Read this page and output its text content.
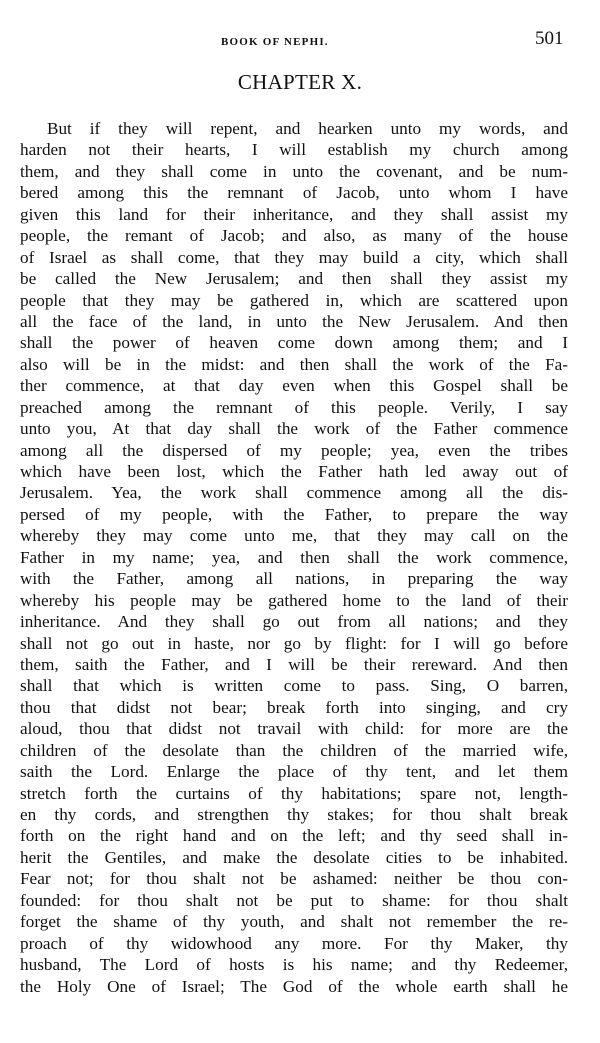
BOOK OF NEPHI.	501
CHAPTER X.
But if they will repent, and hearken unto my words, and
harden not their hearts, I will establish my church among
them, and they shall come in unto the covenant, and be num-
bered among this the remnant of Jacob, unto whom I have
given this land for their inheritance, and they shall assist my
people, the remant of Jacob; and also, as many of the house
of Israel as shall come, that they may build a city, which shall
be called the New Jerusalem; and then shall they assist my
people that they may be gathered in, which are scattered upon
all the face of the land, in unto the New Jerusalem. And then
shall the power of heaven come down among them; and I
also will be in the midst: and then shall the work of the Fa-
ther commence, at that day even when this Gospel shall be
preached among the remnant of this people. Verily, I say
unto you, At that day shall the work of the Father commence
among all the dispersed of my people; yea, even the tribes
which have been lost, which the Father hath led away out of
Jerusalem. Yea, the work shall commence among all the dis-
persed of my people, with the Father, to prepare the way
whereby they may come unto me, that they may call on the
Father in my name; yea, and then shall the work commence,
with the Father, among all nations, in preparing the way
whereby his people may be gathered home to the land of their
inheritance. And they shall go out from all nations; and they
shall not go out in haste, nor go by flight: for I will go before
them, saith the Father, and I will be their rereward. And then
shall that which is written come to pass. Sing, O barren,
thou that didst not bear; break forth into singing, and cry
aloud, thou that didst not travail with child: for more are the
children of the desolate than the children of the married wife,
saith the Lord. Enlarge the place of thy tent, and let them
stretch forth the curtains of thy habitations; spare not, length-
en thy cords, and strengthen thy stakes; for thou shalt break
forth on the right hand and on the left; and thy seed shall in-
herit the Gentiles, and make the desolate cities to be inhabited.
Fear not; for thou shalt not be ashamed: neither be thou con-
founded: for thou shalt not be put to shame: for thou shalt
forget the shame of thy youth, and shalt not remember the re-
proach of thy widowhood any more. For thy Maker, thy
husband, The Lord of hosts is his name; and thy Redeemer,
the Holy One of Israel; The God of the whole earth shall he
